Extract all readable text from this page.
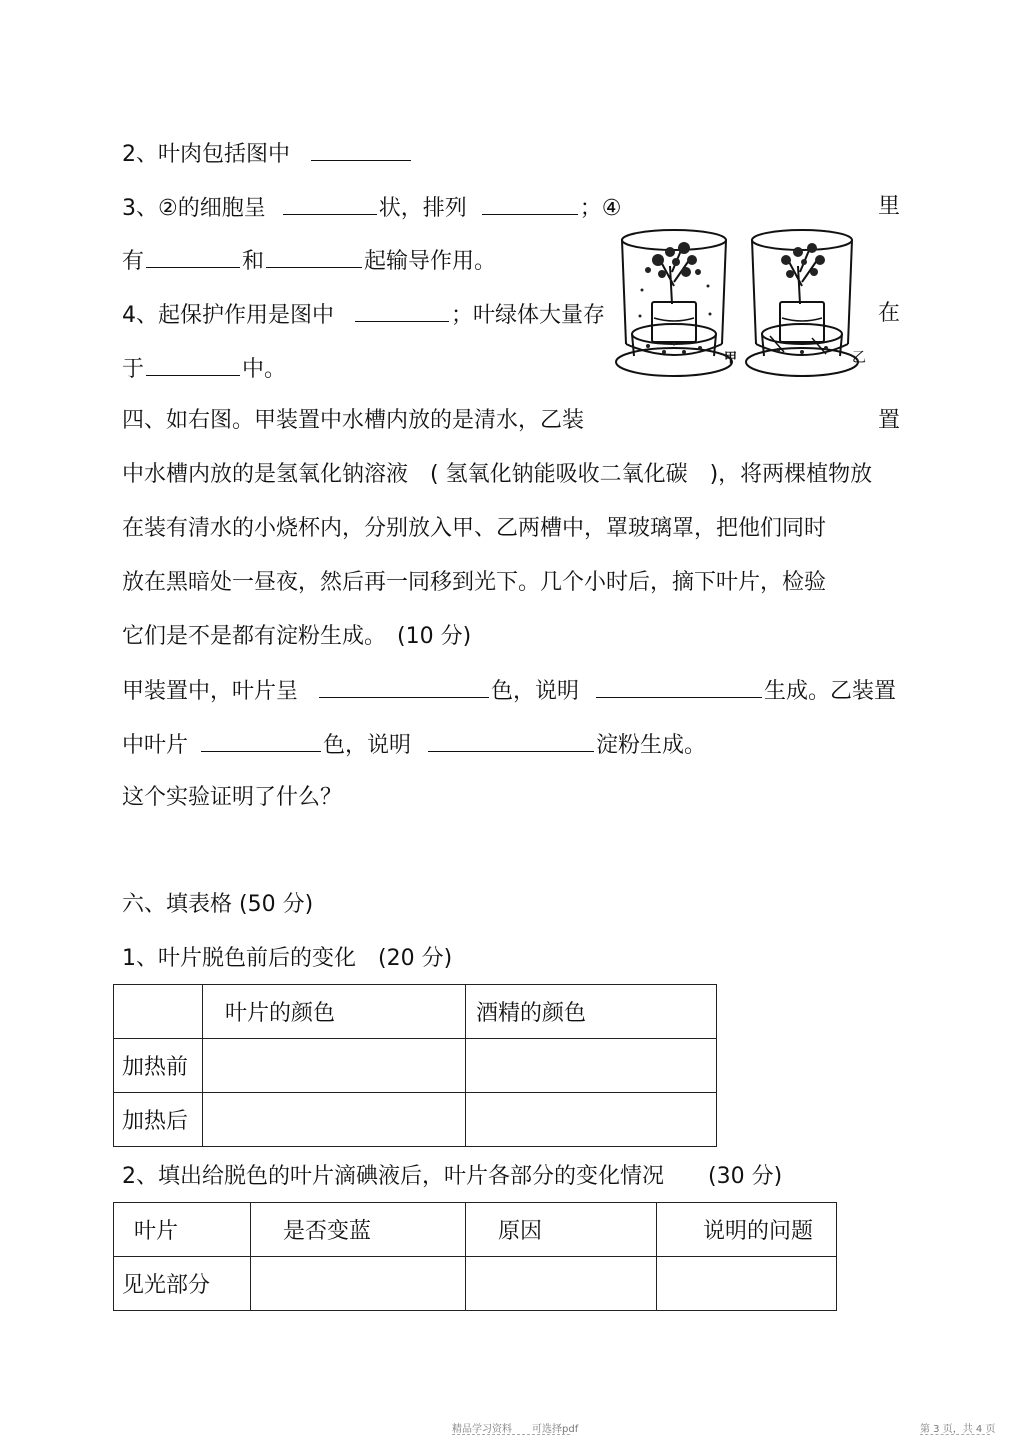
2、叶肉包括图中
3、②的细胞呈	状，排列	；④	里
有	和	起输导作用。
4、起保护作用是图中	；叶绿体大量存	在
于	中。	甲	乙
四、如右图。甲装置中水槽内放的是清水，乙装	置
中水槽内放的是氢氧化钠溶液　( 氢氧化钠能吸收二氧化碳　)，将两棵植物放
在装有清水的小烧杯内，分别放入甲、乙两槽中，罩玻璃罩，把他们同时
放在黑暗处一昼夜，然后再一同移到光下。几个小时后，摘下叶片，检验
它们是不是都有淀粉生成。　(10 分)
甲装置中，叶片呈	色，说明	生成。乙装置
中叶片	色，说明	淀粉生成。
这个实验证明了什么？
六、填表格 (50 分)
1、叶片脱色前后的变化　(20 分)
	叶片的颜色	酒精的颜色
加热前		
加热后		
2、填出给脱色的叶片滴碘液后，叶片各部分的变化情况　　(30 分)
叶片	是否变蓝	原因	说明的问题
见光部分			
精品学习资料　　可选择pdf	第 3 页，共 4 页
